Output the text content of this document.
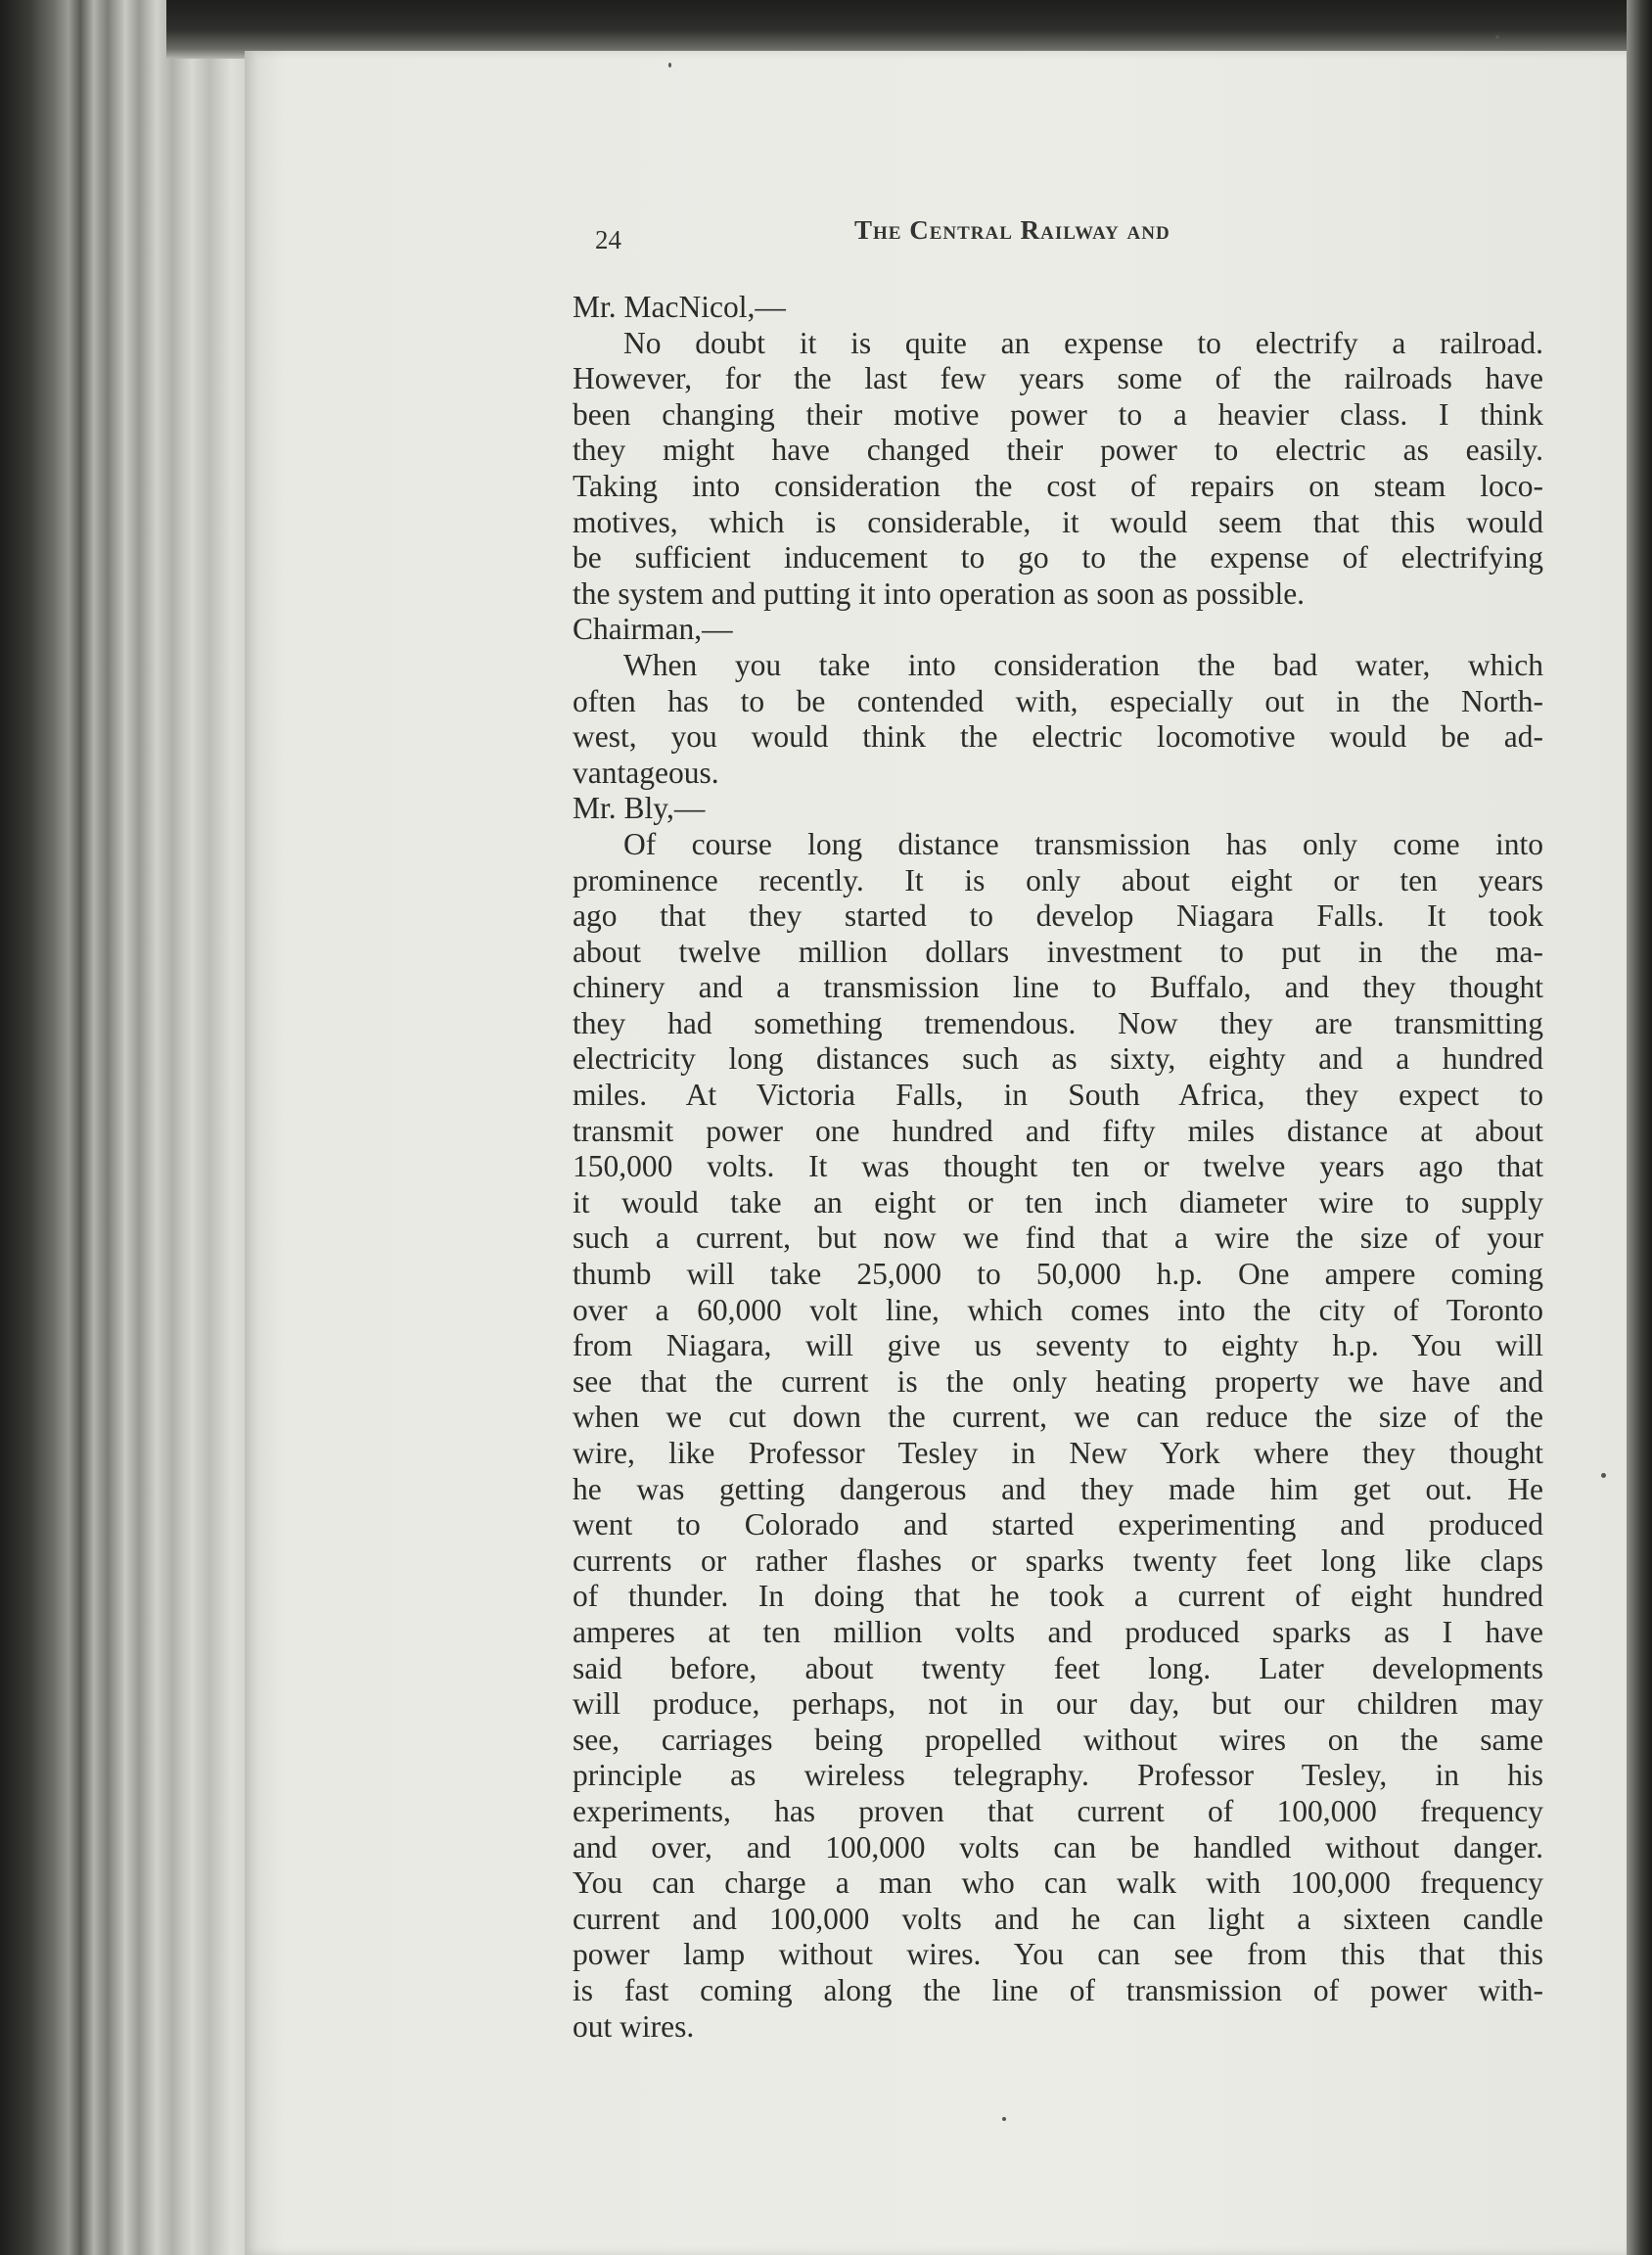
24	The Central Railway and
Mr. MacNicol,—
No doubt it is quite an expense to electrify a railroad.
However, for the last few years some of the railroads have
been changing their motive power to a heavier class. I think
they might have changed their power to electric as easily.
Taking into consideration the cost of repairs on steam loco-
motives, which is considerable, it would seem that this would
be sufficient inducement to go to the expense of electrifying
the system and putting it into operation as soon as possible.
Chairman,—
When you take into consideration the bad water, which
often has to be contended with, especially out in the North-
west, you would think the electric locomotive would be ad-
vantageous.
Mr. Bly,—
Of course long distance transmission has only come into
prominence recently. It is only about eight or ten years
ago that they started to develop Niagara Falls. It took
about twelve million dollars investment to put in the ma-
chinery and a transmission line to Buffalo, and they thought
they had something tremendous. Now they are transmitting
electricity long distances such as sixty, eighty and a hundred
miles. At Victoria Falls, in South Africa, they expect to
transmit power one hundred and fifty miles distance at about
150,000 volts. It was thought ten or twelve years ago that
it would take an eight or ten inch diameter wire to supply
such a current, but now we find that a wire the size of your
thumb will take 25,000 to 50,000 h.p. One ampere coming
over a 60,000 volt line, which comes into the city of Toronto
from Niagara, will give us seventy to eighty h.p. You will
see that the current is the only heating property we have and
when we cut down the current, we can reduce the size of the
wire, like Professor Tesley in New York where they thought
he was getting dangerous and they made him get out. He
went to Colorado and started experimenting and produced
currents or rather flashes or sparks twenty feet long like claps
of thunder. In doing that he took a current of eight hundred
amperes at ten million volts and produced sparks as I have
said before, about twenty feet long. Later developments
will produce, perhaps, not in our day, but our children may
see, carriages being propelled without wires on the same
principle as wireless telegraphy. Professor Tesley, in his
experiments, has proven that current of 100,000 frequency
and over, and 100,000 volts can be handled without danger.
You can charge a man who can walk with 100,000 frequency
current and 100,000 volts and he can light a sixteen candle
power lamp without wires. You can see from this that this
is fast coming along the line of transmission of power with-
out wires.
